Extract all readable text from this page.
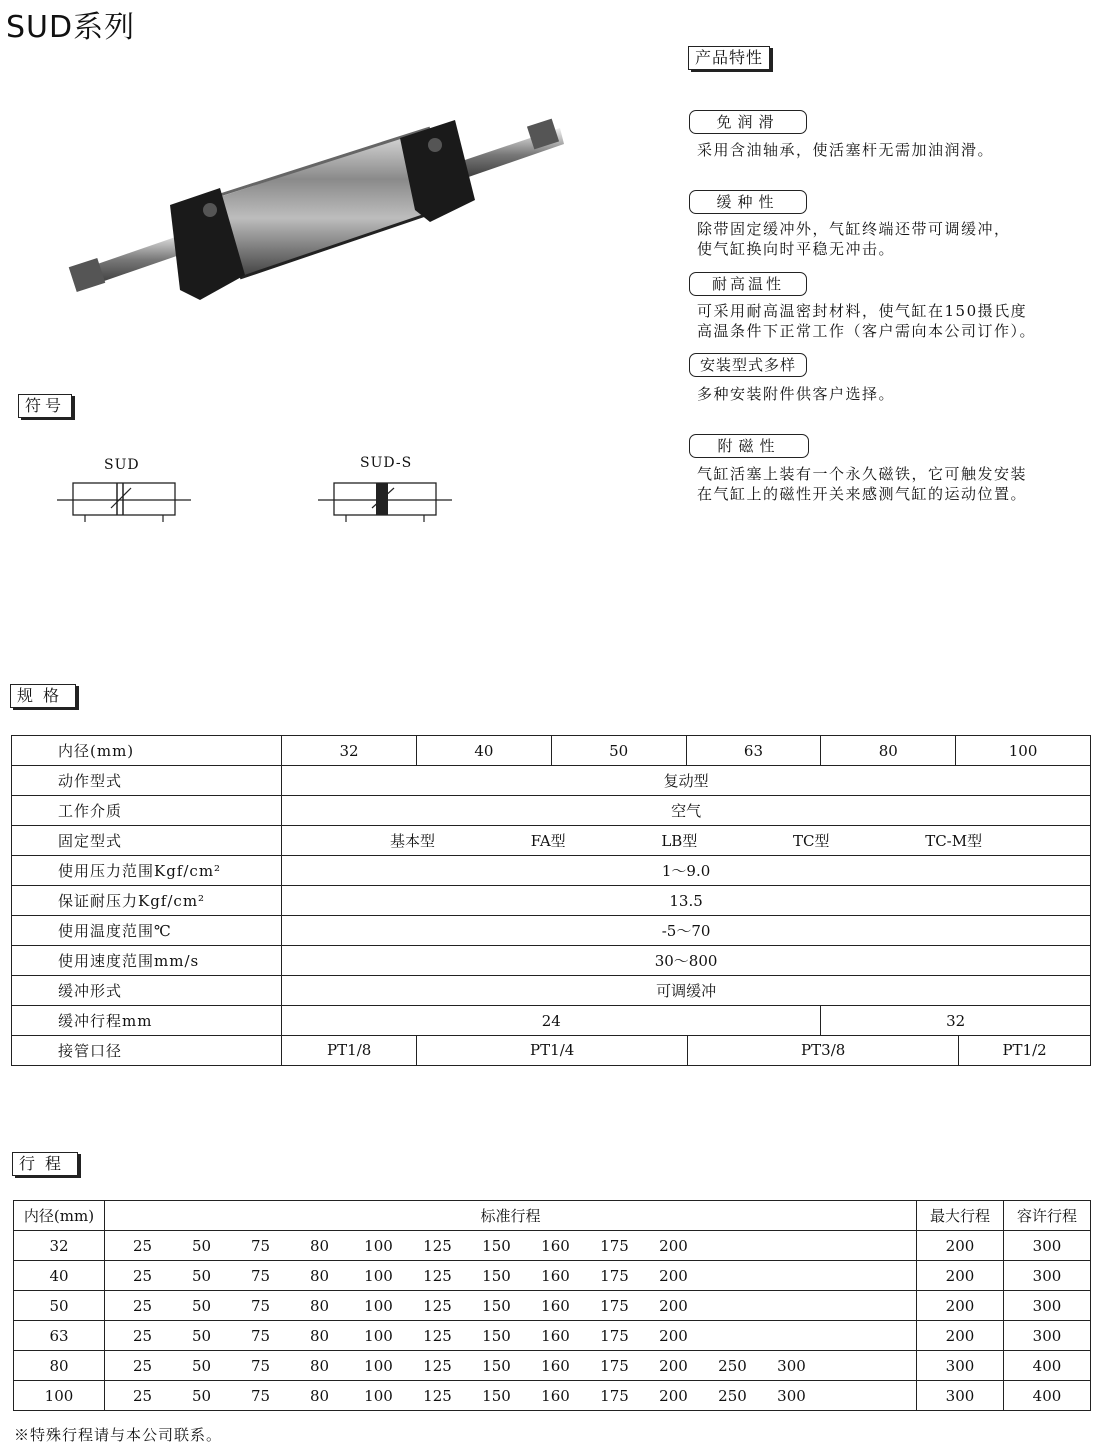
SUD系列
产品特性
免润滑
采用含油轴承，使活塞杆无需加油润滑。
缓种性
除带固定缓冲外，气缸终端还带可调缓冲，
使气缸换向时平稳无冲击。
耐高温性
可采用耐高温密封材料，使气缸在150摄氏度
高温条件下正常工作（客户需向本公司订作）。
安装型式多样
多种安装附件供客户选择。
附磁性
气缸活塞上装有一个永久磁铁，它可触发安装
在气缸上的磁性开关来感测气缸的运动位置。
符号
SUD	SUD-S
规格
内径(mm)	32	40	50	63	80	100
动作型式	复动型					
工作介质	空气					
固定型式	基本型 FA型 LB型 TC型 TC-M型					

使用压力范围Kgf/cm²	1～9.0					
保证耐压力Kgf/cm²	13.5					
使用温度范围℃	-5～70					
使用速度范围mm/s	30～800					
缓冲形式	可调缓冲					
缓冲行程mm	24				32	
接管口径	PT1/8 PT1/4 PT3/8 PT1/2					
行程
内径(mm)	标准行程	最大行程	容许行程
32	25 50 75 80 100 125 150 160 175 200	200	300
40	25 50 75 80 100 125 150 160 175 200	200	300
50	25 50 75 80 100 125 150 160 175 200	200	300
63	25 50 75 80 100 125 150 160 175 200	200	300
80	25 50 75 80 100 125 150 160 175 200 250 300	300	400
100	25 50 75 80 100 125 150 160 175 200 250 300	300	400
※特殊行程请与本公司联系。
